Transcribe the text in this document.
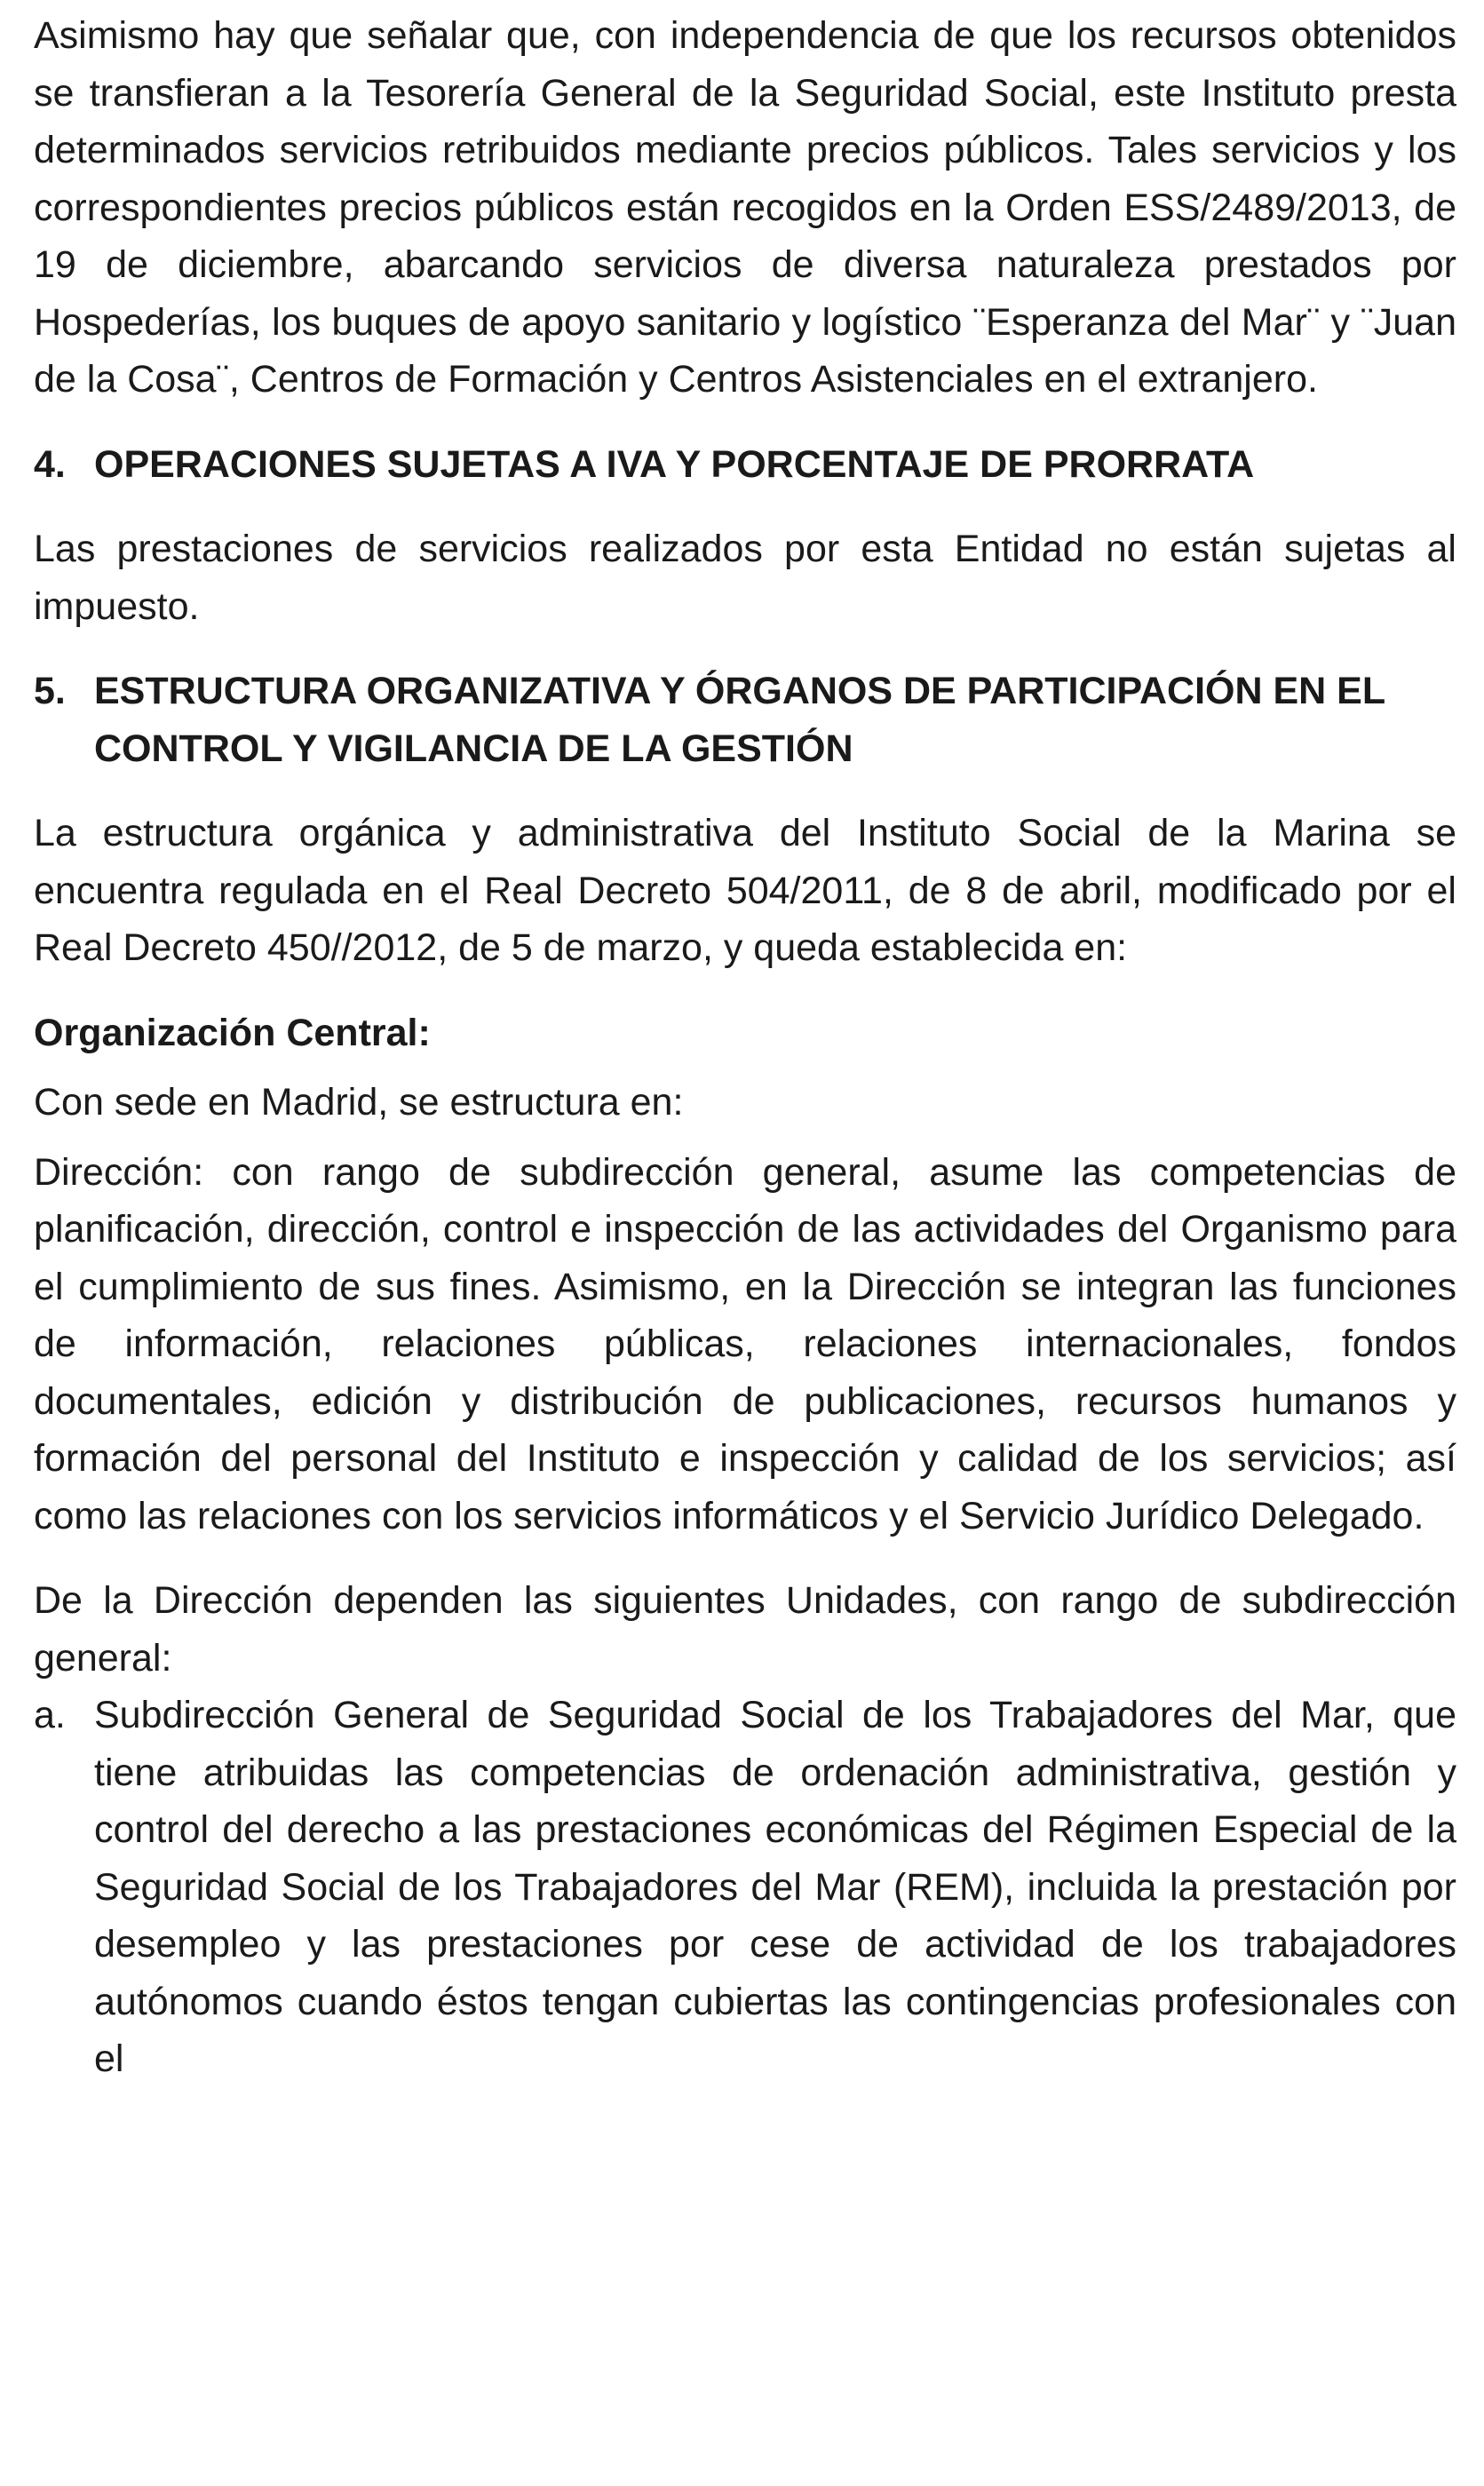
Asimismo hay que señalar que, con independencia de que los recursos obtenidos se transfieran a la Tesorería General de la Seguridad Social, este Instituto presta determinados servicios retribuidos mediante precios públicos. Tales servicios y los correspondientes precios públicos están recogidos en la Orden ESS/2489/2013, de 19 de diciembre, abarcando servicios de diversa naturaleza prestados por Hospederías, los buques de apoyo sanitario y logístico ¨Esperanza del Mar¨ y ¨Juan de la Cosa¨, Centros de Formación y Centros Asistenciales en el extranjero.

4. OPERACIONES SUJETAS A IVA Y PORCENTAJE DE PRORRATA

Las prestaciones de servicios realizados por esta Entidad no están sujetas al impuesto.

5. ESTRUCTURA ORGANIZATIVA Y ÓRGANOS DE PARTICIPACIÓN EN EL CONTROL Y VIGILANCIA DE LA GESTIÓN

La estructura orgánica y administrativa del Instituto Social de la Marina se encuentra regulada en el Real Decreto 504/2011, de 8 de abril, modificado por el Real Decreto 450//2012, de 5 de marzo, y queda establecida en:

Organización Central:

Con sede en Madrid, se estructura en:

Dirección: con rango de subdirección general, asume las competencias de planificación, dirección, control e inspección de las actividades del Organismo para el cumplimiento de sus fines. Asimismo, en la Dirección se integran las funciones de información, relaciones públicas, relaciones internacionales, fondos documentales, edición y distribución de publicaciones, recursos humanos y formación del personal del Instituto e inspección y calidad de los servicios; así como las relaciones con los servicios informáticos y el Servicio Jurídico Delegado.

De la Dirección dependen las siguientes Unidades, con rango de subdirección general:

a. Subdirección General de Seguridad Social de los Trabajadores del Mar, que tiene atribuidas las competencias de ordenación administrativa, gestión y control del derecho a las prestaciones económicas del Régimen Especial de la Seguridad Social de los Trabajadores del Mar (REM), incluida la prestación por desempleo y las prestaciones por cese de actividad de los trabajadores autónomos cuando éstos tengan cubiertas las contingencias profesionales con el
